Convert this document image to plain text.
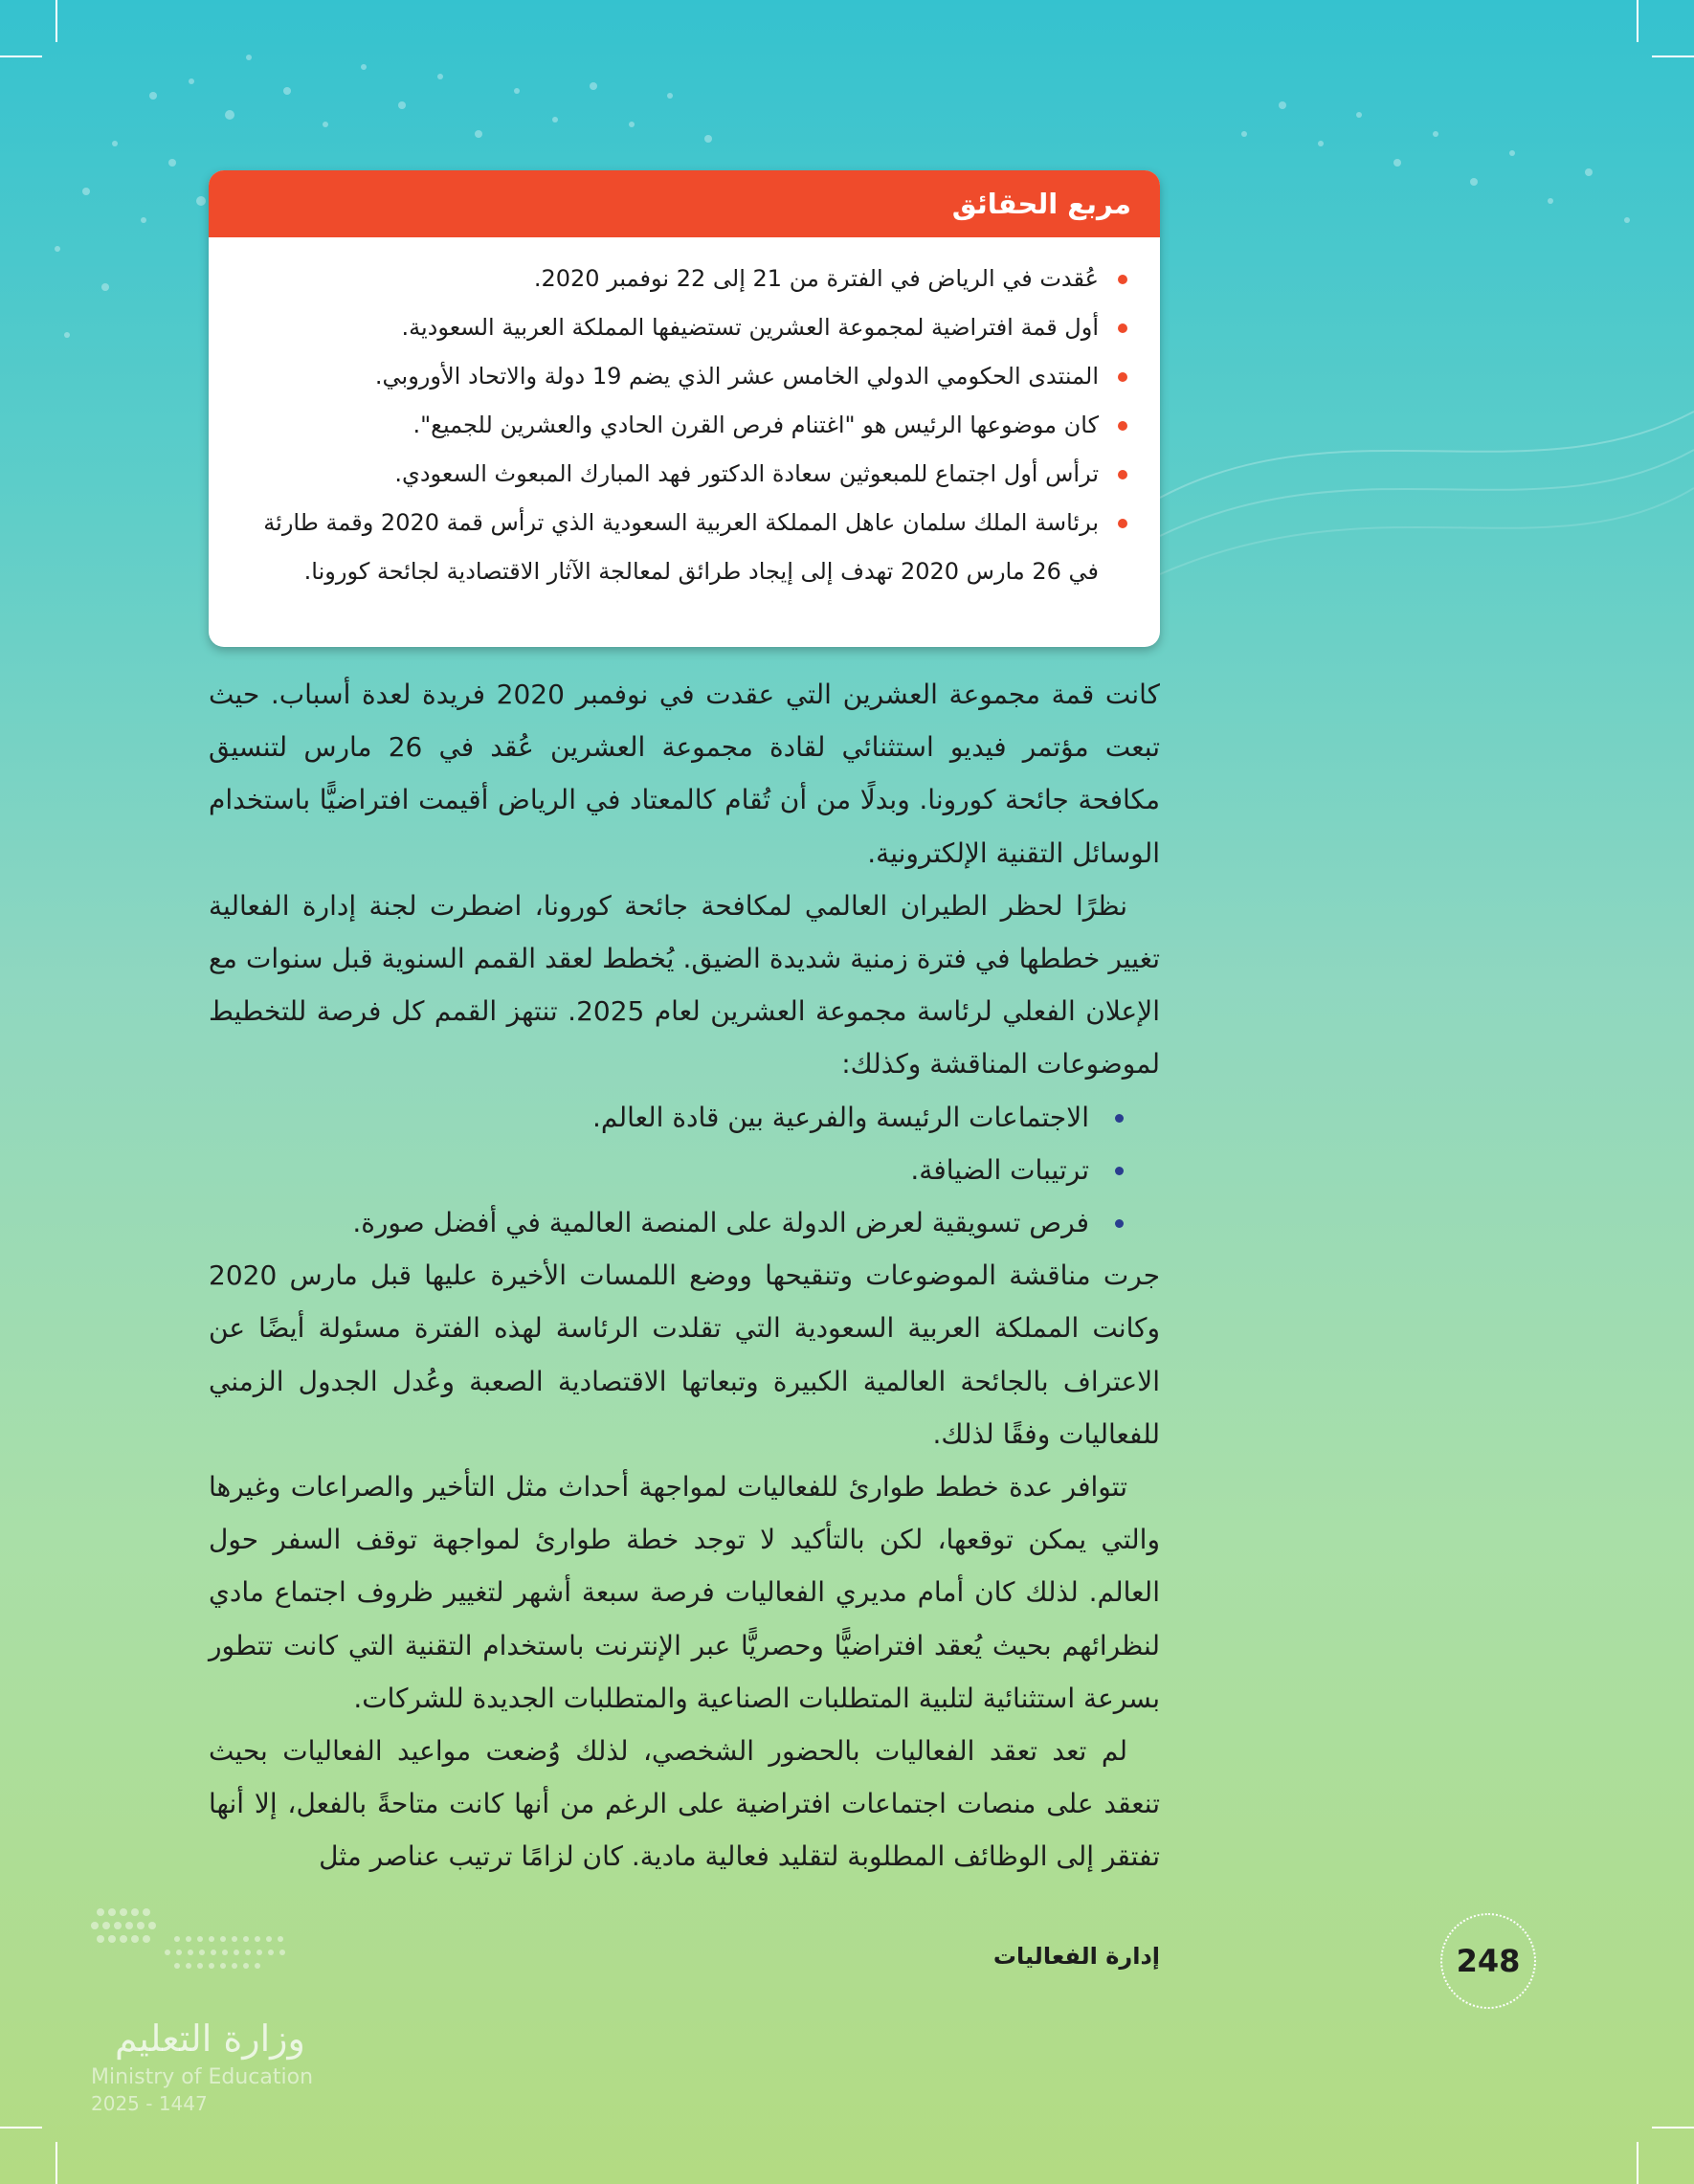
مربع الحقائق
عُقدت في الرياض في الفترة من 21 إلى 22 نوفمبر 2020.
أول قمة افتراضية لمجموعة العشرين تستضيفها المملكة العربية السعودية.
المنتدى الحكومي الدولي الخامس عشر الذي يضم 19 دولة والاتحاد الأوروبي.
كان موضوعها الرئيس هو "اغتنام فرص القرن الحادي والعشرين للجميع".
ترأس أول اجتماع للمبعوثين سعادة الدكتور فهد المبارك المبعوث السعودي.
برئاسة الملك سلمان عاهل المملكة العربية السعودية الذي ترأس قمة 2020 وقمة طارئة في 26 مارس 2020 تهدف إلى إيجاد طرائق لمعالجة الآثار الاقتصادية لجائحة كورونا.

كانت قمة مجموعة العشرين التي عقدت في نوفمبر 2020 فريدة لعدة أسباب. حيث تبعت مؤتمر فيديو استثنائي لقادة مجموعة العشرين عُقد في 26 مارس لتنسيق مكافحة جائحة كورونا. وبدلًا من أن تُقام كالمعتاد في الرياض أقيمت افتراضيًّا باستخدام الوسائل التقنية الإلكترونية.

نظرًا لحظر الطيران العالمي لمكافحة جائحة كورونا، اضطرت لجنة إدارة الفعالية تغيير خططها في فترة زمنية شديدة الضيق. يُخطط لعقد القمم السنوية قبل سنوات مع الإعلان الفعلي لرئاسة مجموعة العشرين لعام 2025. تنتهز القمم كل فرصة للتخطيط لموضوعات المناقشة وكذلك:

الاجتماعات الرئيسة والفرعية بين قادة العالم.
ترتيبات الضيافة.
فرص تسويقية لعرض الدولة على المنصة العالمية في أفضل صورة.

جرت مناقشة الموضوعات وتنقيحها ووضع اللمسات الأخيرة عليها قبل مارس 2020 وكانت المملكة العربية السعودية التي تقلدت الرئاسة لهذه الفترة مسئولة أيضًا عن الاعتراف بالجائحة العالمية الكبيرة وتبعاتها الاقتصادية الصعبة وعُدل الجدول الزمني للفعاليات وفقًا لذلك.

تتوافر عدة خطط طوارئ للفعاليات لمواجهة أحداث مثل التأخير والصراعات وغيرها والتي يمكن توقعها، لكن بالتأكيد لا توجد خطة طوارئ لمواجهة توقف السفر حول العالم. لذلك كان أمام مديري الفعاليات فرصة سبعة أشهر لتغيير ظروف اجتماع مادي لنظرائهم بحيث يُعقد افتراضيًّا وحصريًّا عبر الإنترنت باستخدام التقنية التي كانت تتطور بسرعة استثنائية لتلبية المتطلبات الصناعية والمتطلبات الجديدة للشركات.

لم تعد تعقد الفعاليات بالحضور الشخصي، لذلك وُضعت مواعيد الفعاليات بحيث تنعقد على منصات اجتماعات افتراضية على الرغم من أنها كانت متاحةً بالفعل، إلا أنها تفتقر إلى الوظائف المطلوبة لتقليد فعالية مادية. كان لزامًا ترتيب عناصر مثل

248
إدارة الفعاليات
وزارة التعليم
Ministry of Education
2025 - 1447
